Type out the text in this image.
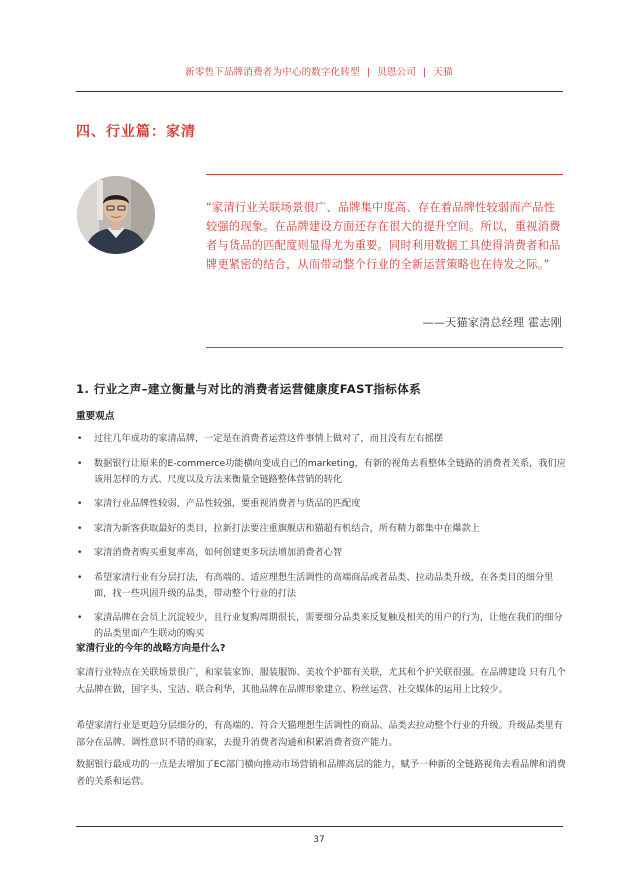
新零售下品牌消费者为中心的数字化转型 | 贝恩公司 | 天猫
四、行业篇：家清
“家清行业关联场景很广、品牌集中度高、存在着品牌性较弱而产品性较强的现象。在品牌建设方面还存在很大的提升空间。所以，重视消费者与货品的匹配度则显得尤为重要。同时利用数据工具使得消费者和品牌更紧密的结合，从而带动整个行业的全新运营策略也在待发之际。”
——天猫家清总经理 霍志刚
1. 行业之声–建立衡量与对比的消费者运营健康度FAST指标体系
重要观点
• 过往几年成功的家清品牌，一定是在消费者运营这件事情上做对了，而且没有左右摇摆
• 数据银行让原来的E-commerce功能横向变成自己的marketing，有新的视角去看整体全链路的消费者关系，我们应该用怎样的方式、尺度以及方法来衡量全链路整体营销的转化
• 家清行业品牌性较弱，产品性较强，要重视消费者与货品的匹配度
• 家清为新客获取最好的类目，拉新打法要注重旗舰店和猫超有机结合，所有精力都集中在爆款上
• 家清消费者购买重复率高，如何创建更多玩法增加消费者心智
• 希望家清行业有分层打法，有高端的、适应理想生活调性的高端商品或者品类、拉动品类升级，在各类目的细分里面，找一些巩固升级的品类，带动整个行业的打法
• 家清品牌在会员上沉淀较少，且行业复购周期很长，需要细分品类来反复触及相关的用户的行为，让他在我们的细分的品类里面产生联动的购买
家清行业的今年的战略方向是什么?

家清行业特点在关联场景很广，和家装家饰、服装服饰、美妆个护都有关联，尤其和个护关联很强。在品牌建设 只有几个大品牌在做，国字头、宝洁、联合利华，其他品牌在品牌形象建立、粉丝运营、社交媒体的运用上比较少。

希望家清行业是更趋分层细分的，有高端的、符合天猫理想生活调性的商品、品类去拉动整个行业的升级。升级品类里有部分在品牌、调性意识不错的商家，去提升消费者沟通和积累消费者资产能力。

数据银行最成功的一点是去增加了EC部门横向推动市场营销和品牌高层的能力，赋予一种新的全链路视角去看品牌和消费者的关系和运营。

37
